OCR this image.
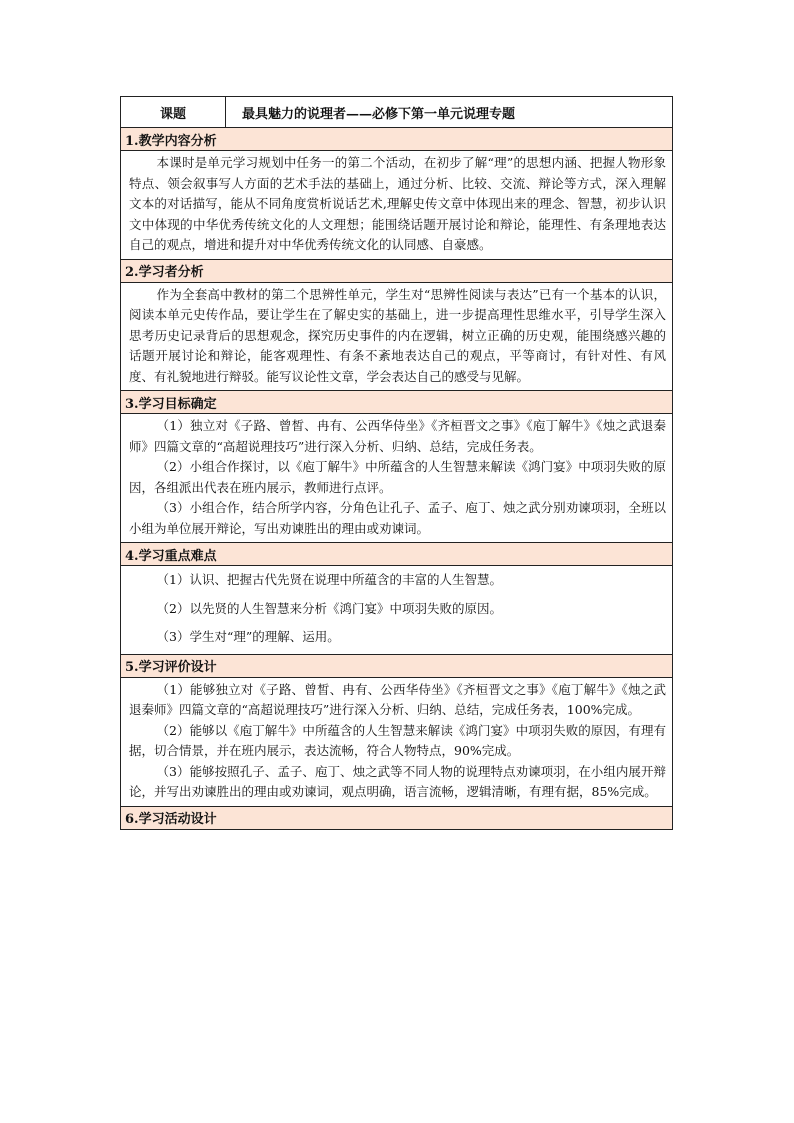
课题	最具魅力的说理者——必修下第一单元说理专题
1.教学内容分析

本课时是单元学习规划中任务一的第二个活动，在初步了解“理”的思想内涵、把握人物形象特点、领会叙事写人方面的艺术手法的基础上，通过分析、比较、交流、辩论等方式，深入理解文本的对话描写，能从不同角度赏析说话艺术,理解史传文章中体现出来的理念、智慧，初步认识文中体现的中华优秀传统文化的人文理想；能围绕话题开展讨论和辩论，能理性、有条理地表达自己的观点，增进和提升对中华优秀传统文化的认同感、自豪感。

2.学习者分析

作为全套高中教材的第二个思辨性单元，学生对“思辨性阅读与表达”已有一个基本的认识，阅读本单元史传作品，要让学生在了解史实的基础上，进一步提高理性思维水平，引导学生深入思考历史记录背后的思想观念，探究历史事件的内在逻辑，树立正确的历史观，能围绕感兴趣的话题开展讨论和辩论，能客观理性、有条不紊地表达自己的观点，平等商讨，有针对性、有风度、有礼貌地进行辩驳。能写议论性文章，学会表达自己的感受与见解。

3.学习目标确定

（1）独立对《子路、曾皙、冉有、公西华侍坐》《齐桓晋文之事》《庖丁解牛》《烛之武退秦师》四篇文章的“高超说理技巧”进行深入分析、归纳、总结，完成任务表。

（2）小组合作探讨，以《庖丁解牛》中所蕴含的人生智慧来解读《鸿门宴》中项羽失败的原因，各组派出代表在班内展示，教师进行点评。

（3）小组合作，结合所学内容，分角色让孔子、孟子、庖丁、烛之武分别劝谏项羽，全班以小组为单位展开辩论，写出劝谏胜出的理由或劝谏词。

4.学习重点难点

（1）认识、把握古代先贤在说理中所蕴含的丰富的人生智慧。

（2）以先贤的人生智慧来分析《鸿门宴》中项羽失败的原因。

（3）学生对“理”的理解、运用。

5.学习评价设计

（1）能够独立对《子路、曾皙、冉有、公西华侍坐》《齐桓晋文之事》《庖丁解牛》《烛之武退秦师》四篇文章的“高超说理技巧”进行深入分析、归纳、总结，完成任务表，100%完成。

（2）能够以《庖丁解牛》中所蕴含的人生智慧来解读《鸿门宴》中项羽失败的原因，有理有据，切合情景，并在班内展示，表达流畅，符合人物特点，90%完成。

（3）能够按照孔子、孟子、庖丁、烛之武等不同人物的说理特点劝谏项羽，在小组内展开辩论，并写出劝谏胜出的理由或劝谏词，观点明确，语言流畅，逻辑清晰，有理有据，85%完成。

6.学习活动设计
